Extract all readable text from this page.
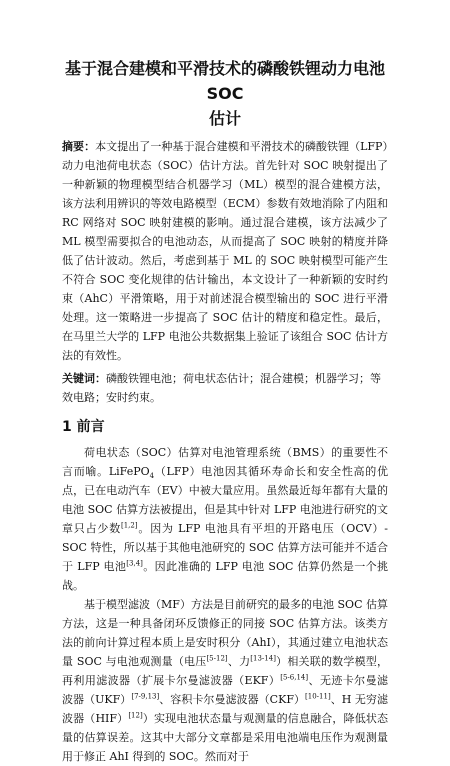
基于混合建模和平滑技术的磷酸铁锂动力电池 SOC
估计

摘要：本文提出了一种基于混合建模和平滑技术的磷酸铁锂（LFP）动力电池荷电状态（SOC）估计方法。首先针对 SOC 映射提出了一种新颖的物理模型结合机器学习（ML）模型的混合建模方法，该方法利用辨识的等效电路模型（ECM）参数有效地消除了内阻和 RC 网络对 SOC 映射建模的影响。通过混合建模，该方法减少了 ML 模型需要拟合的电池动态，从而提高了 SOC 映射的精度并降低了估计波动。然后，考虑到基于 ML 的 SOC 映射模型可能产生不符合 SOC 变化规律的估计输出，本文设计了一种新颖的安时约束（AhC）平滑策略，用于对前述混合模型输出的 SOC 进行平滑处理。这一策略进一步提高了 SOC 估计的精度和稳定性。最后，在马里兰大学的 LFP 电池公共数据集上验证了该组合 SOC 估计方法的有效性。

关键词：磷酸铁锂电池；荷电状态估计；混合建模；机器学习；等效电路；安时约束。

1 前言

荷电状态（SOC）估算对电池管理系统（BMS）的重要性不言而喻。LiFePO$_4$（LFP）电池因其循环寿命长和安全性高的优点，已在电动汽车（EV）中被大量应用。虽然最近每年都有大量的电池 SOC 估算方法被提出，但是其中针对 LFP 电池进行研究的文章只占少数[1,2]。因为 LFP 电池具有平坦的开路电压（OCV）-SOC 特性，所以基于其他电池研究的 SOC 估算方法可能并不适合于 LFP 电池[3,4]。因此准确的 LFP 电池 SOC 估算仍然是一个挑战。

基于模型滤波（MF）方法是目前研究的最多的电池 SOC 估算方法，这是一种具备闭环反馈修正的同接 SOC 估算方法。该类方法的前向计算过程本质上是安时积分（AhI），其通过建立电池状态量 SOC 与电池观测量（电压[5-12]、力[13-14]）相关联的数学模型，再利用滤波器（扩展卡尔曼滤波器（EKF）[5-6,14]、无迹卡尔曼滤波器（UKF）[7-9,13]、容积卡尔曼滤波器（CKF）[10-11]、H 无穷滤波器（HIF）[12]）实现电池状态量与观测量的信息融合，降低状态量的估算误差。这其中大部分文章都是采用电池端电压作为观测量用于修正 AhI 得到的 SOC。然而对于
